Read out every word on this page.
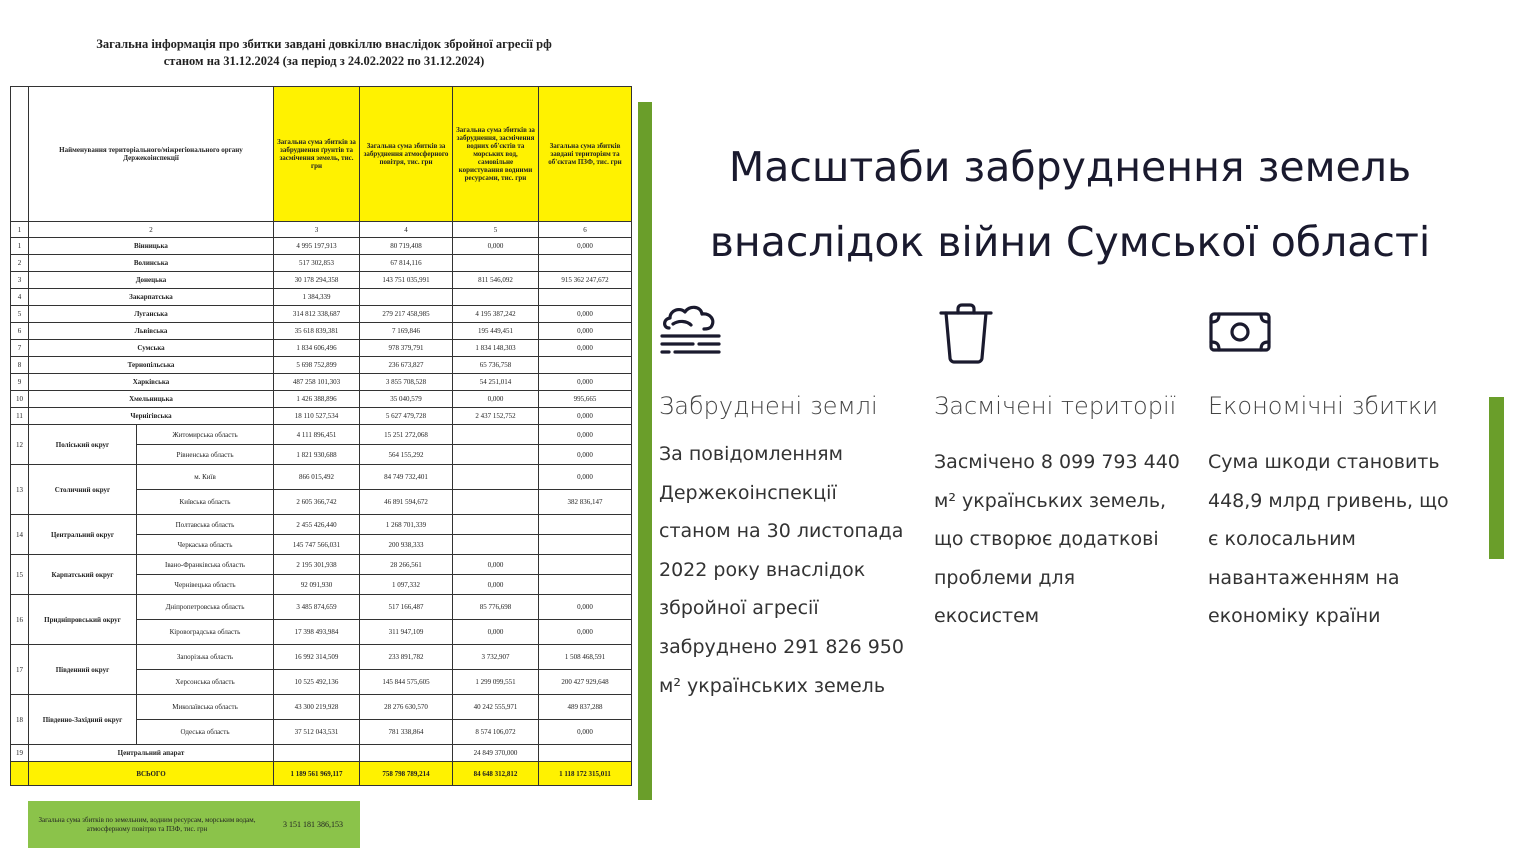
Загальна інформація про збитки завдані довкіллю внаслідок збройної агресії рф
станом на 31.12.2024 (за період з 24.02.2022 по 31.12.2024)
	Найменування територіального/міжрегіонального органу Держекоінспекції		Загальна сума збитків за забруднення ґрунтів та засмічення земель, тис. грн	Загальна сума збитків за забруднення атмосферного повітря, тис. грн	Загальна сума збитків за забруднення, засмічення водних об'єктів та морських вод, самовільне користування водними ресурсами, тис. грн	Загальна сума збитків завдані територіям та об'єктам ПЗФ, тис. грн
1	2		3	4	5	6
1	Вінницька		4 995 197,913	80 719,408	0,000	0,000
2	Волинська		517 302,853	67 814,116		
3	Донецька		30 178 294,358	143 751 035,991	811 546,092	915 362 247,672
4	Закарпатська		1 384,339			
5	Луганська		314 812 338,687	279 217 458,985	4 195 387,242	0,000
6	Львівська		35 618 839,381	7 169,846	195 449,451	0,000
7	Сумська		1 834 606,496	978 379,791	1 834 148,303	0,000
8	Тернопільська		5 698 752,899	236 673,827	65 736,758	
9	Харківська		487 258 101,303	3 855 708,528	54 251,014	0,000
10	Хмельницька		1 426 388,896	35 040,579	0,000	995,665
11	Чернігівська		18 110 527,534	5 627 479,728	2 437 152,752	0,000
12	Поліський округ	Житомирська область	4 111 896,451	15 251 272,068		0,000
		Рівненська область	1 821 930,688	564 155,292		0,000
13	Столичний округ	м. Київ	866 015,492	84 749 732,401		0,000
		Київська область	2 605 366,742	46 891 594,672		382 836,147
14	Центральний округ	Полтавська область	2 455 426,440	1 268 701,339		
		Черкаська область	145 747 566,031	200 938,333		
15	Карпатський округ	Івано-Франківська область	2 195 301,938	28 266,561	0,000	
		Чернівецька область	92 091,930	1 097,332	0,000	
16	Придніпровський округ	Дніпропетровська область	3 485 874,659	517 166,487	85 776,698	0,000
		Кіровоградська область	17 398 493,984	311 947,109	0,000	0,000
17	Південний округ	Запорізька область	16 992 314,509	233 891,782	3 732,907	1 508 468,591
		Херсонська область	10 525 492,136	145 844 575,605	1 299 099,551	200 427 929,648
18	Південно-Західний округ	Миколаївська область	43 300 219,928	28 276 630,570	40 242 555,971	489 837,288
		Одеська область	37 512 043,531	781 338,864	8 574 106,072	0,000
19	Центральний апарат				24 849 370,000	
	ВСЬОГО		1 189 561 969,117	758 798 789,214	84 648 312,812	1 118 172 315,011
Загальна сума збитків по земельним, водним ресурсам, морським водам, атмосферному повітрю та ПЗФ, тис. грн	3 151 181 386,153
Масштаби забруднення земель
внаслідок війни Сумської області
Забруднені землі

За повідомленням Держекоінспекції станом на 30 листопада 2022 року внаслідок збройної агресії забруднено 291 826 950 м² українських земель

Засмічені території

Засмічено 8 099 793 440 м² українських земель, що створює додаткові проблеми для екосистем

Економічні збитки

Сума шкоди становить 448,9 млрд гривень, що є колосальним навантаженням на економіку країни
